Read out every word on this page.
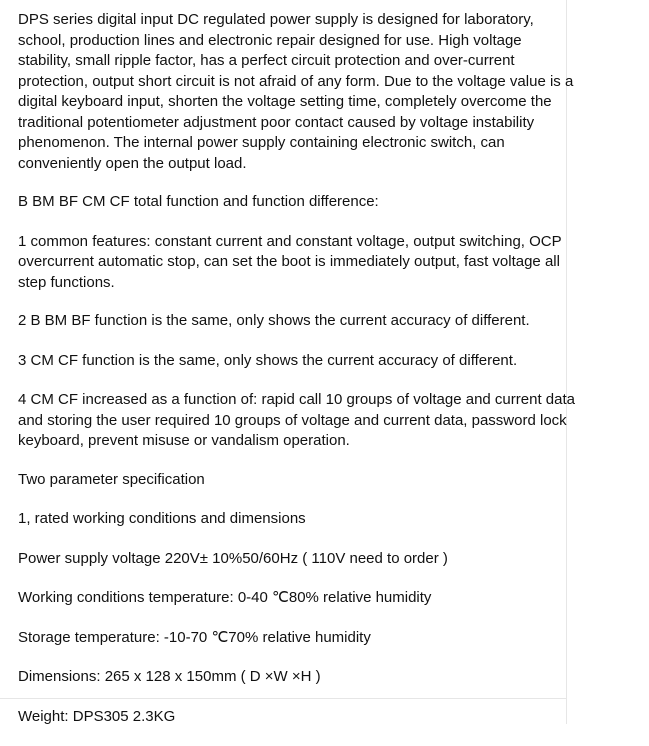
DPS series digital input DC regulated power supply is designed for laboratory, school, production lines and electronic repair designed for use. High voltage stability, small ripple factor, has a perfect circuit protection and over-current protection, output short circuit is not afraid of any form. Due to the voltage value is a digital keyboard input, shorten the voltage setting time, completely overcome the traditional potentiometer adjustment poor contact caused by voltage instability phenomenon. The internal power supply containing electronic switch, can conveniently open the output load.

B BM BF CM CF total function and function difference:

1 common features: constant current and constant voltage, output switching, OCP overcurrent automatic stop, can set the boot is immediately output, fast voltage all step functions.

2 B BM BF function is the same, only shows the current accuracy of different.

3 CM CF function is the same, only shows the current accuracy of different.

4 CM CF increased as a function of: rapid call 10 groups of voltage and current data and storing the user required 10 groups of voltage and current data, password lock keyboard, prevent misuse or vandalism operation.

Two parameter specification

1, rated working conditions and dimensions

Power supply voltage 220V± 10%50/60Hz ( 110V need to order )

Working conditions temperature: 0-40 ℃80% relative humidity

Storage temperature: -10-70 ℃70% relative humidity

Dimensions: 265 x 128 x 150mm ( D ×W ×H )

Weight: DPS305 2.3KG
